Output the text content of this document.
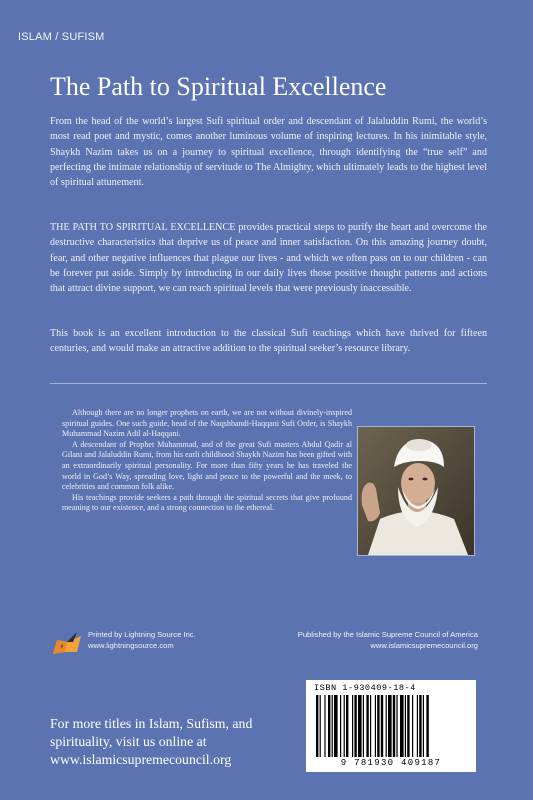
ISLAM / SUFISM
The Path to Spiritual Excellence
From the head of the world’s largest Sufi spiritual order and descendant of Jalaluddin Rumi, the world’s most read poet and mystic, comes another luminous volume of inspiring lectures. In his inimitable style, Shaykh Nazim takes us on a journey to spiritual excellence, through identifying the “true self” and perfecting the intimate relationship of servitude to The Almighty, which ultimately leads to the highest level of spiritual attunement.
THE PATH TO SPIRITUAL EXCELLENCE provides practical steps to purify the heart and overcome the destructive characteristics that deprive us of peace and inner satisfaction. On this amazing journey doubt, fear, and other negative influences that plague our lives - and which we often pass on to our children - can be forever put aside. Simply by introducing in our daily lives those positive thought patterns and actions that attract divine support, we can reach spiritual levels that were previously inaccessible.
This book is an excellent introduction to the classical Sufi teachings which have thrived for fifteen centuries, and would make an attractive addition to the spiritual seeker’s resource library.

Although there are no longer prophets on earth, we are not without divinely-inspired spiritual guides. One such guide, head of the Naqshbandi-Haqqani Sufi Order, is Shaykh Muhammad Nazim Adil al-Haqqani.

A descendant of Prophet Muhammad, and of the great Sufi masters Abdul Qadir al Gilani and Jalaluddin Rumi, from his earli childhood Shaykh Nazim has been gifted with an extraordinarily spiritual personality. For more than fifty years he has traveled the world in God’s Way, spreading love, light and peace to the powerful and the meek, to celebrities and common folk alike.

His teachings provide seekers a path through the spiritual secrets that give profound meaning to our existence, and a strong connection to the ethereal.

Printed by Lightning Source Inc.
www.lightningsource.com
Published by the Islamic Supreme Council of America
www.islamicsupremecouncil.org
For more titles in Islam, Sufism, and spirituality, visit us online at www.islamicsupremecouncil.org
ISBN 1-930409-18-4
9 781930 409187
